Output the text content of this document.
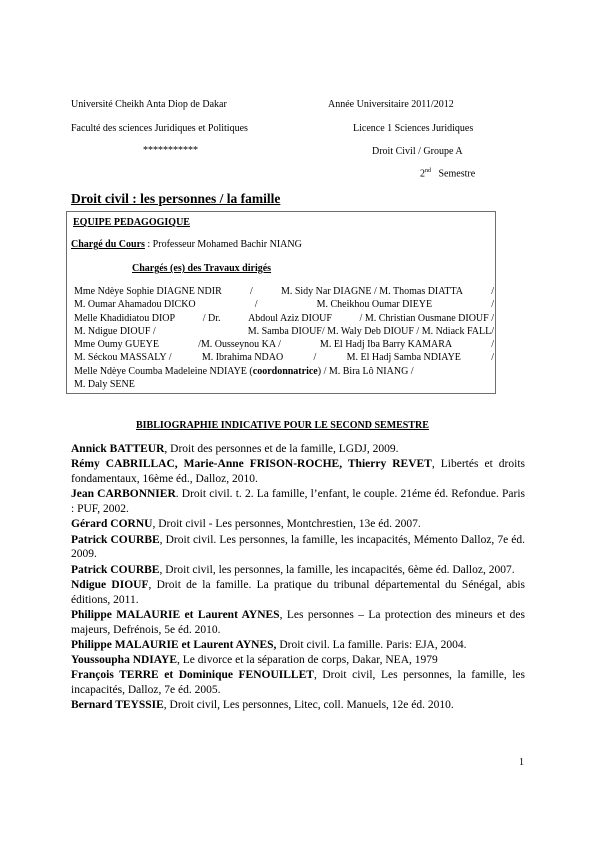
Université Cheikh Anta Diop de Dakar	Année Universitaire 2011/2012
Faculté des sciences Juridiques et Politiques	Licence 1 Sciences Juridiques
***********	Droit Civil / Groupe A
2nd Semestre
Droit civil : les personnes / la famille
EQUIPE PEDAGOGIQUE
Chargé du Cours : Professeur Mohamed Bachir NIANG
Chargés (es) des Travaux dirigés
Mme Ndèye Sophie DIAGNE NDIR	/	M. Sidy Nar DIAGNE / M. Thomas DIATTA	/
M. Oumar Ahamadou DICKO	/	M. Cheikhou Oumar DIEYE	/
Melle Khadidiatou DIOP	/ Dr.	Abdoul Aziz DIOUF	/ M. Christian Ousmane DIOUF /
M. Ndigue DIOUF /	M. Samba DIOUF/ M. Waly Deb DIOUF / M. Ndiack FALL/
Mme Oumy GUEYE	/M. Ousseynou KA /	M. El Hadj Iba Barry KAMARA	/
M. Séckou MASSALY /	M. Ibrahima NDAO	/	M. El Hadj Samba NDIAYE	/
Melle Ndèye Coumba Madeleine NDIAYE ( coordonnatrice ) / M. Bira Lô NIANG /
M. Daly SENE
BIBLIOGRAPHIE INDICATIVE POUR LE SECOND SEMESTRE

Annick BATTEUR, Droit des personnes et de la famille, LGDJ, 2009.

Rémy CABRILLAC, Marie-Anne FRISON-ROCHE, Thierry REVET, Libertés et droits fondamentaux, 16ème éd., Dalloz, 2010.

Jean CARBONNIER. Droit civil. t. 2. La famille, l’enfant, le couple. 21éme éd. Refondue. Paris : PUF, 2002.

Gérard CORNU, Droit civil - Les personnes, Montchrestien, 13e éd. 2007.

Patrick COURBE, Droit civil. Les personnes, la famille, les incapacités, Mémento Dalloz, 7e éd. 2009.

Patrick COURBE, Droit civil, les personnes, la famille, les incapacités, 6ème éd. Dalloz, 2007.

Ndigue DIOUF, Droit de la famille. La pratique du tribunal départemental du Sénégal, abis éditions, 2011.

Philippe MALAURIE et Laurent AYNES, Les personnes – La protection des mineurs et des majeurs, Defrénois, 5e éd. 2010.

Philippe MALAURIE et Laurent AYNES, Droit civil. La famille. Paris: EJA, 2004.

Youssoupha NDIAYE, Le divorce et la séparation de corps, Dakar, NEA, 1979

François TERRE et Dominique FENOUILLET, Droit civil, Les personnes, la famille, les incapacités, Dalloz, 7e éd. 2005.

Bernard TEYSSIE, Droit civil, Les personnes, Litec, coll. Manuels, 12e éd. 2010.

1
